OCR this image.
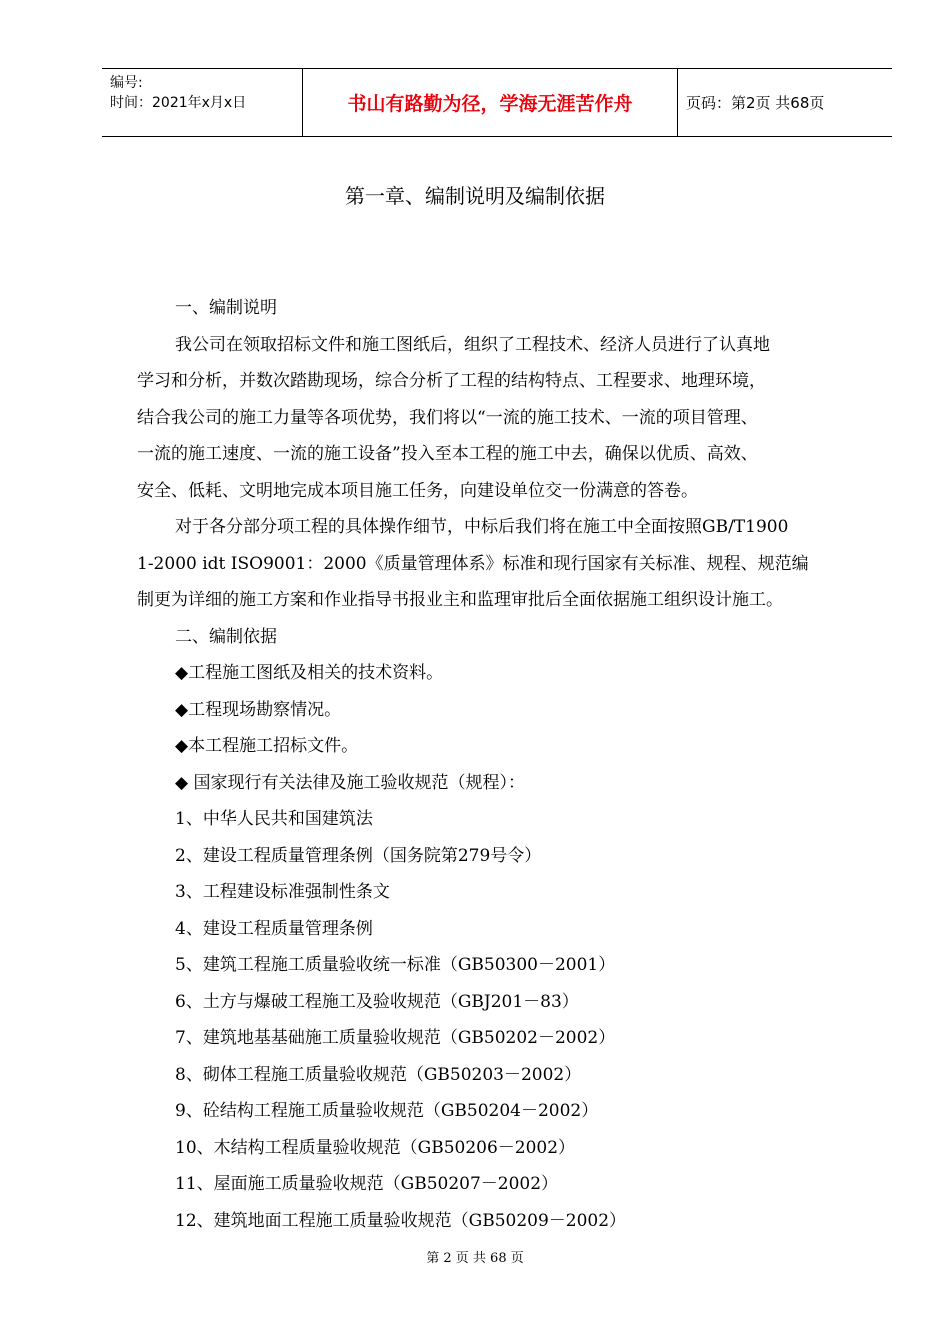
编号:
时间：2021年x月x日	书山有路勤为径，学海无涯苦作舟	页码：第2页 共68页
第一章、编制说明及编制依据
一、编制说明
我公司在领取招标文件和施工图纸后，组织了工程技术、经济人员进行了认真地
学习和分析，并数次踏勘现场，综合分析了工程的结构特点、工程要求、地理环境，
结合我公司的施工力量等各项优势，我们将以“一流的施工技术、一流的项目管理、
一流的施工速度、一流的施工设备”投入至本工程的施工中去，确保以优质、高效、
安全、低耗、文明地完成本项目施工任务，向建设单位交一份满意的答卷。
对于各分部分项工程的具体操作细节，中标后我们将在施工中全面按照GB/T1900
1-2000 idt ISO9001：2000《质量管理体系》标准和现行国家有关标准、规程、规范编
制更为详细的施工方案和作业指导书报业主和监理审批后全面依据施工组织设计施工。
二、编制依据
◆工程施工图纸及相关的技术资料。
◆工程现场勘察情况。
◆本工程施工招标文件。
◆ 国家现行有关法律及施工验收规范（规程）：
1、中华人民共和国建筑法
2、建设工程质量管理条例（国务院第279号令）
3、工程建设标准强制性条文
4、建设工程质量管理条例
5、建筑工程施工质量验收统一标准（GB50300－2001）
6、土方与爆破工程施工及验收规范（GBJ201－83）
7、建筑地基基础施工质量验收规范（GB50202－2002）
8、砌体工程施工质量验收规范（GB50203－2002）
9、砼结构工程施工质量验收规范（GB50204－2002）
10、木结构工程质量验收规范（GB50206－2002）
11、屋面施工质量验收规范（GB50207－2002）
12、建筑地面工程施工质量验收规范（GB50209－2002）
第 2 页 共 68 页
